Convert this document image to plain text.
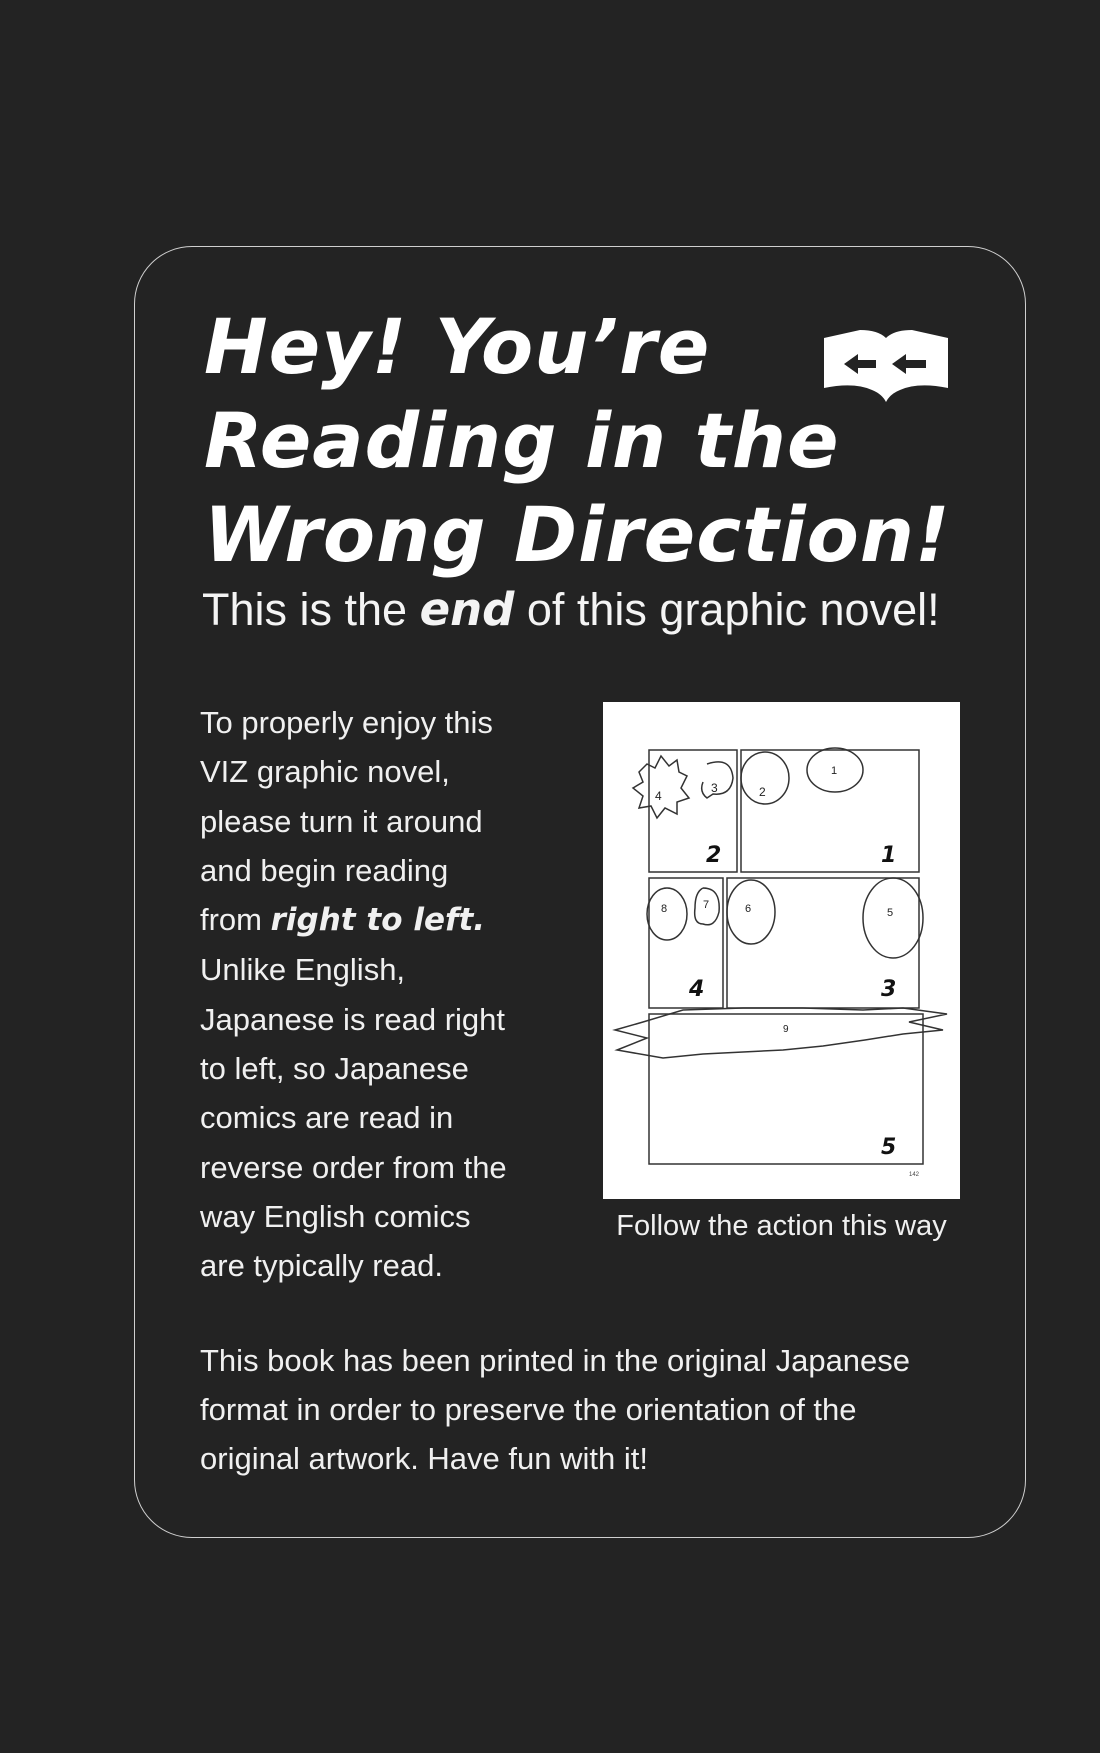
Hey! You’re
Reading in the
Wrong Direction!
This is the end of this graphic novel!
To properly enjoy this
VIZ graphic novel,
please turn it around
and begin reading
from right to left.
Unlike English,
Japanese is read right
to left, so Japanese
comics are read in
reverse order from the
way English comics
are typically read.
4
3	2
1
8	7	6	5
9
2	1
4	3
5
142
Follow the action this way
This book has been printed in the original Japanese
format in order to preserve the orientation of the
original artwork. Have fun with it!
